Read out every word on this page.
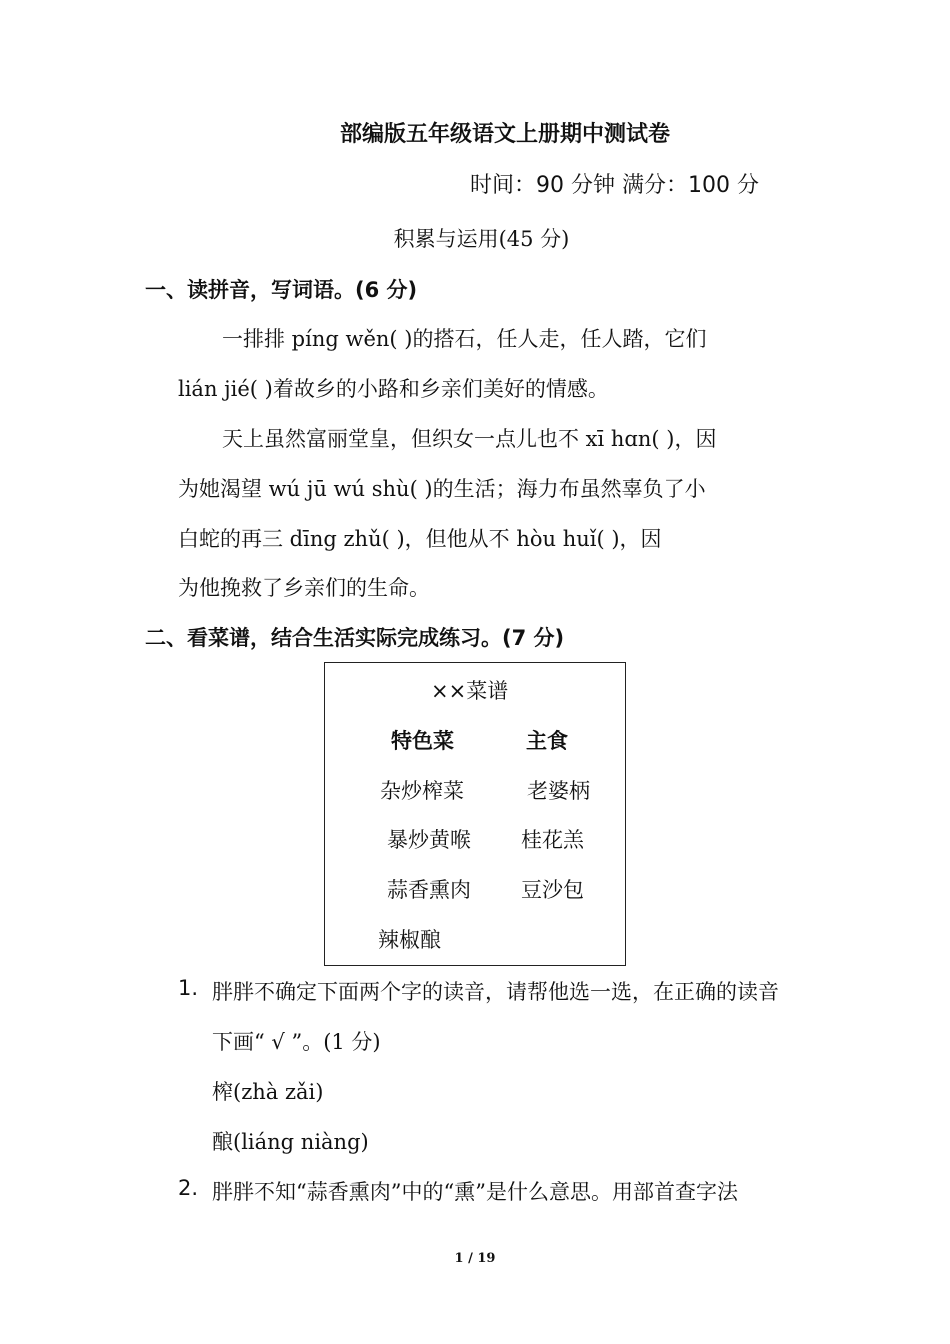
部编版五年级语文上册期中测试卷
时间：90 分钟 满分：100 分
积累与运用(45 分)
一、读拼音，写词语。(6 分)
一排排 píng wěn( )的搭石，任人走，任人踏，它们
lián jié( )着故乡的小路和乡亲们美好的情感。
天上虽然富丽堂皇，但织女一点儿也不 xī hɑn( )，因
为她渴望 wú jū wú shù( )的生活；海力布虽然辜负了小
白蛇的再三 dīng zhǔ( )，但他从不 hòu huǐ( )，因
为他挽救了乡亲们的生命。
二、看菜谱，结合生活实际完成练习。(7 分)
××菜谱
特色菜	主食
杂炒榨菜
暴炒黄喉
蒜香熏肉
辣椒酿
老婆柄
桂花羔
豆沙包
1. 胖胖不确定下面两个字的读音，请帮他选一选，在正确的读音
下画“ √ ”。(1 分)
榨(zhà zǎi)
酿(liáng niàng)
2. 胖胖不知“蒜香熏肉”中的“熏”是什么意思。用部首查字法
1 / 19
